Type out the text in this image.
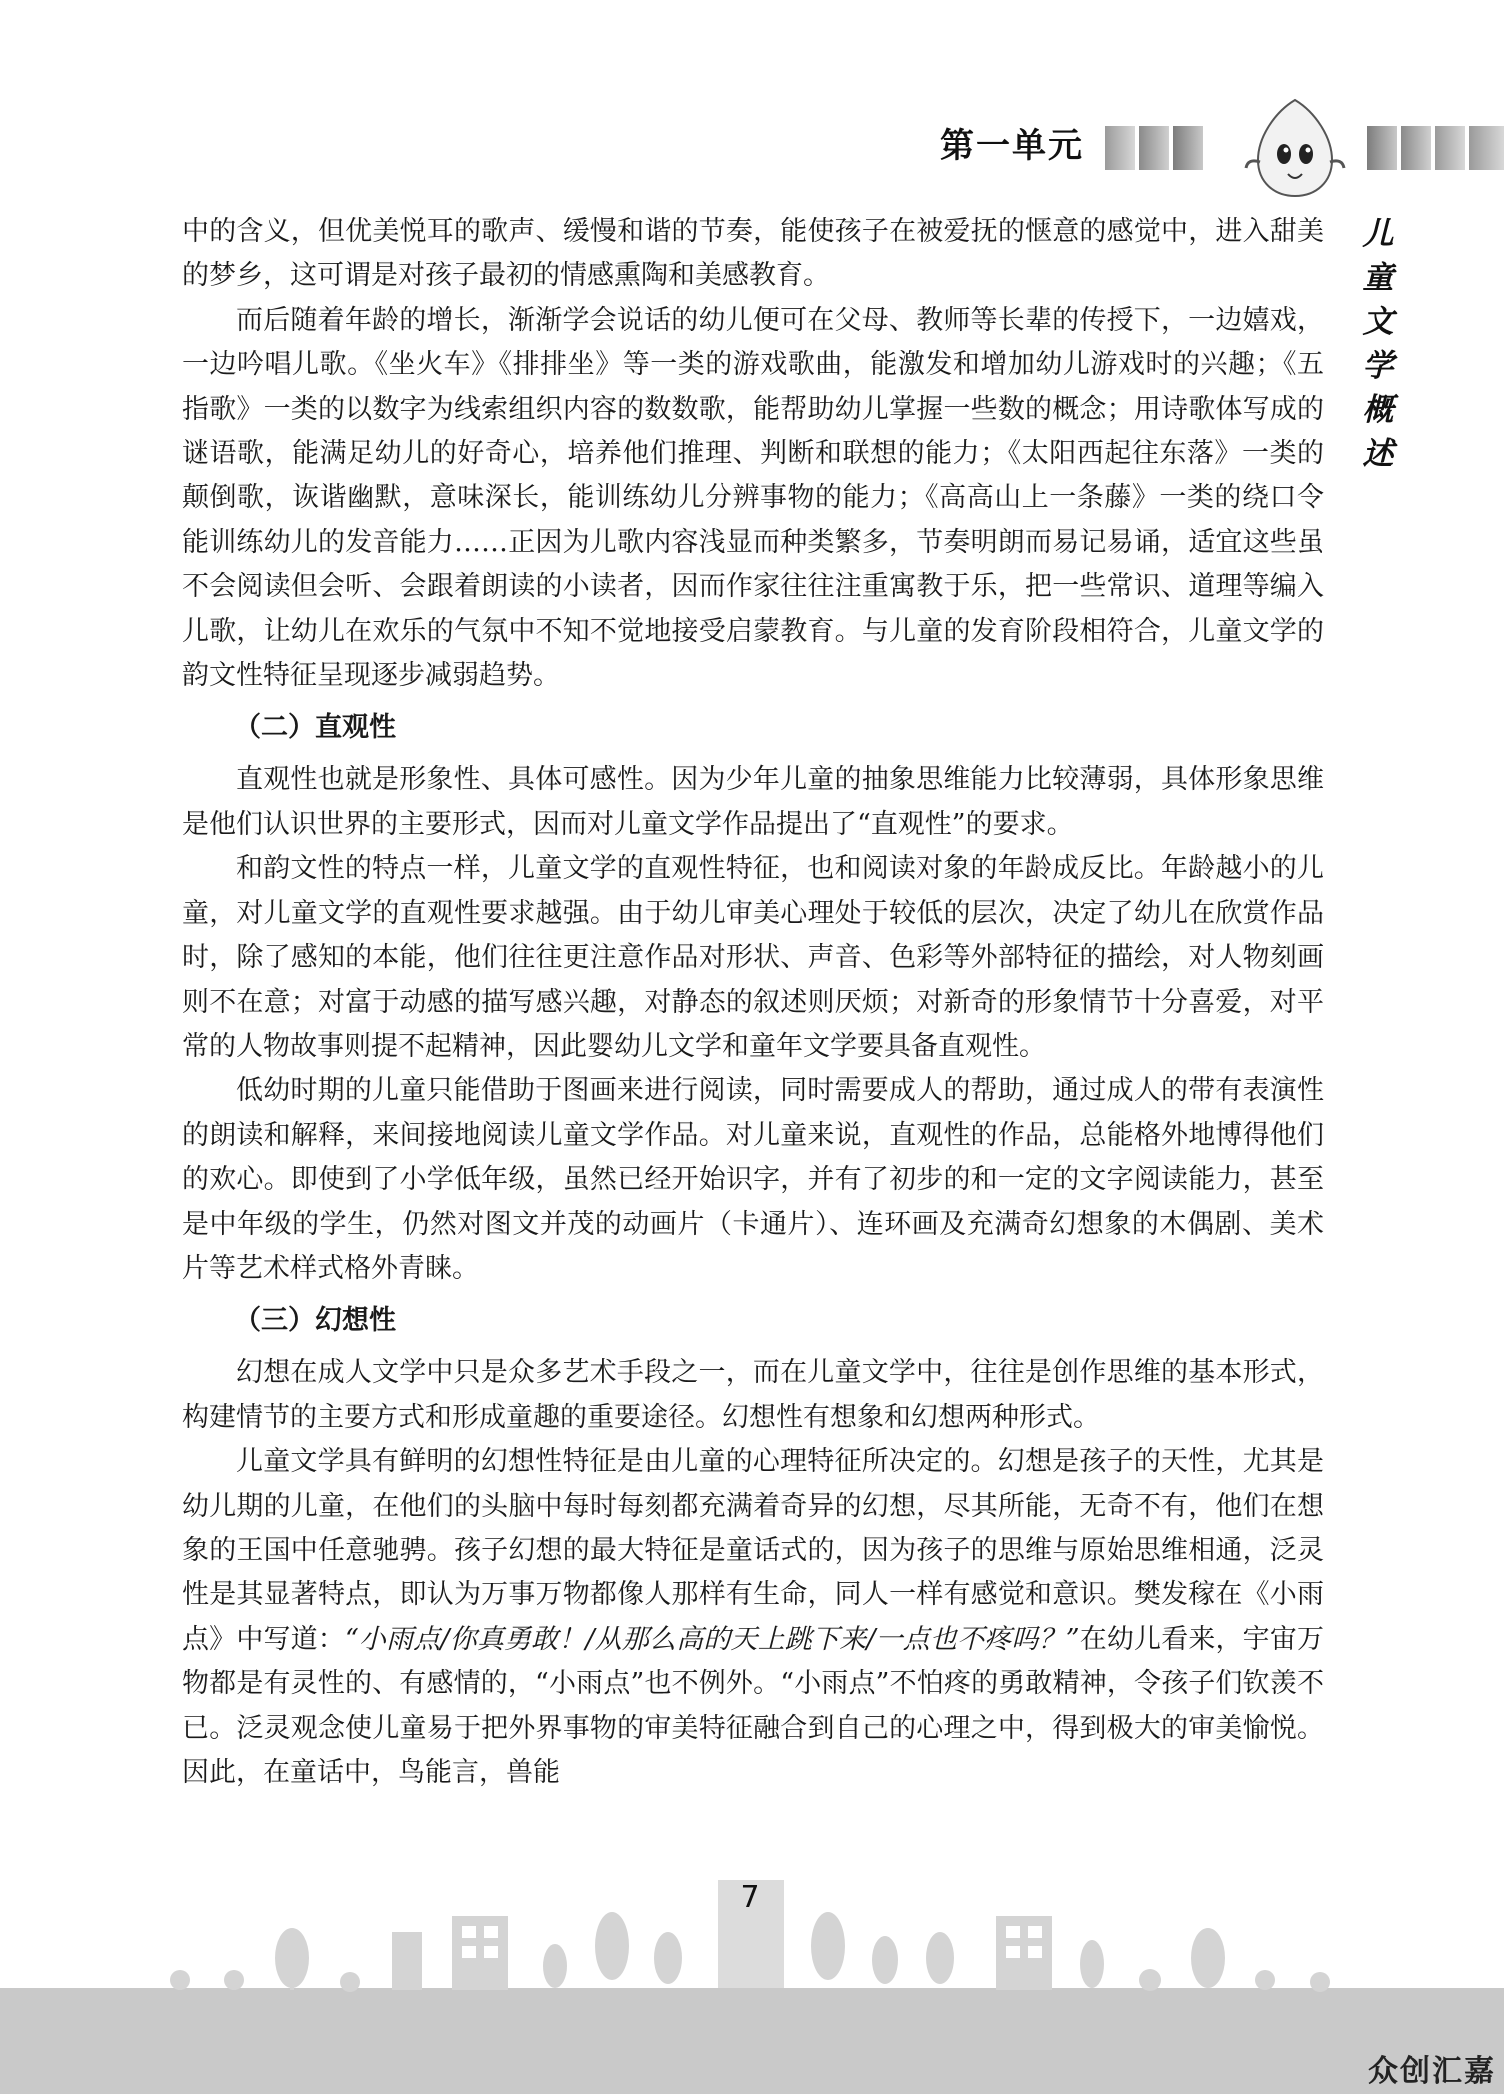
第一单元
儿
童
文
学
概
述

中的含义，但优美悦耳的歌声、缓慢和谐的节奏，能使孩子在被爱抚的惬意的感觉中，进入甜美的梦乡，这可谓是对孩子最初的情感熏陶和美感教育。

而后随着年龄的增长，渐渐学会说话的幼儿便可在父母、教师等长辈的传授下，一边嬉戏，一边吟唱儿歌。《坐火车》《排排坐》等一类的游戏歌曲，能激发和增加幼儿游戏时的兴趣；《五指歌》一类的以数字为线索组织内容的数数歌，能帮助幼儿掌握一些数的概念；用诗歌体写成的谜语歌，能满足幼儿的好奇心，培养他们推理、判断和联想的能力；《太阳西起往东落》一类的颠倒歌，诙谐幽默，意味深长，能训练幼儿分辨事物的能力；《高高山上一条藤》一类的绕口令能训练幼儿的发音能力……正因为儿歌内容浅显而种类繁多，节奏明朗而易记易诵，适宜这些虽不会阅读但会听、会跟着朗读的小读者，因而作家往往注重寓教于乐，把一些常识、道理等编入儿歌，让幼儿在欢乐的气氛中不知不觉地接受启蒙教育。与儿童的发育阶段相符合，儿童文学的韵文性特征呈现逐步减弱趋势。

（二）直观性

直观性也就是形象性、具体可感性。因为少年儿童的抽象思维能力比较薄弱，具体形象思维是他们认识世界的主要形式，因而对儿童文学作品提出了“直观性”的要求。

和韵文性的特点一样，儿童文学的直观性特征，也和阅读对象的年龄成反比。年龄越小的儿童，对儿童文学的直观性要求越强。由于幼儿审美心理处于较低的层次，决定了幼儿在欣赏作品时，除了感知的本能，他们往往更注意作品对形状、声音、色彩等外部特征的描绘，对人物刻画则不在意；对富于动感的描写感兴趣，对静态的叙述则厌烦；对新奇的形象情节十分喜爱，对平常的人物故事则提不起精神，因此婴幼儿文学和童年文学要具备直观性。

低幼时期的儿童只能借助于图画来进行阅读，同时需要成人的帮助，通过成人的带有表演性的朗读和解释，来间接地阅读儿童文学作品。对儿童来说，直观性的作品，总能格外地博得他们的欢心。即使到了小学低年级，虽然已经开始识字，并有了初步的和一定的文字阅读能力，甚至是中年级的学生，仍然对图文并茂的动画片（卡通片）、连环画及充满奇幻想象的木偶剧、美术片等艺术样式格外青睐。

（三）幻想性

幻想在成人文学中只是众多艺术手段之一，而在儿童文学中，往往是创作思维的基本形式，构建情节的主要方式和形成童趣的重要途径。幻想性有想象和幻想两种形式。

儿童文学具有鲜明的幻想性特征是由儿童的心理特征所决定的。幻想是孩子的天性，尤其是幼儿期的儿童，在他们的头脑中每时每刻都充满着奇异的幻想，尽其所能，无奇不有，他们在想象的王国中任意驰骋。孩子幻想的最大特征是童话式的，因为孩子的思维与原始思维相通，泛灵性是其显著特点，即认为万事万物都像人那样有生命，同人一样有感觉和意识。樊发稼在《小雨点》中写道：“小雨点/你真勇敢！/从那么高的天上跳下来/一点也不疼吗？”在幼儿看来，宇宙万物都是有灵性的、有感情的，“小雨点”也不例外。“小雨点”不怕疼的勇敢精神，令孩子们钦羡不已。泛灵观念使儿童易于把外界事物的审美特征融合到自己的心理之中，得到极大的审美愉悦。因此，在童话中，鸟能言，兽能

7
众创汇嘉
